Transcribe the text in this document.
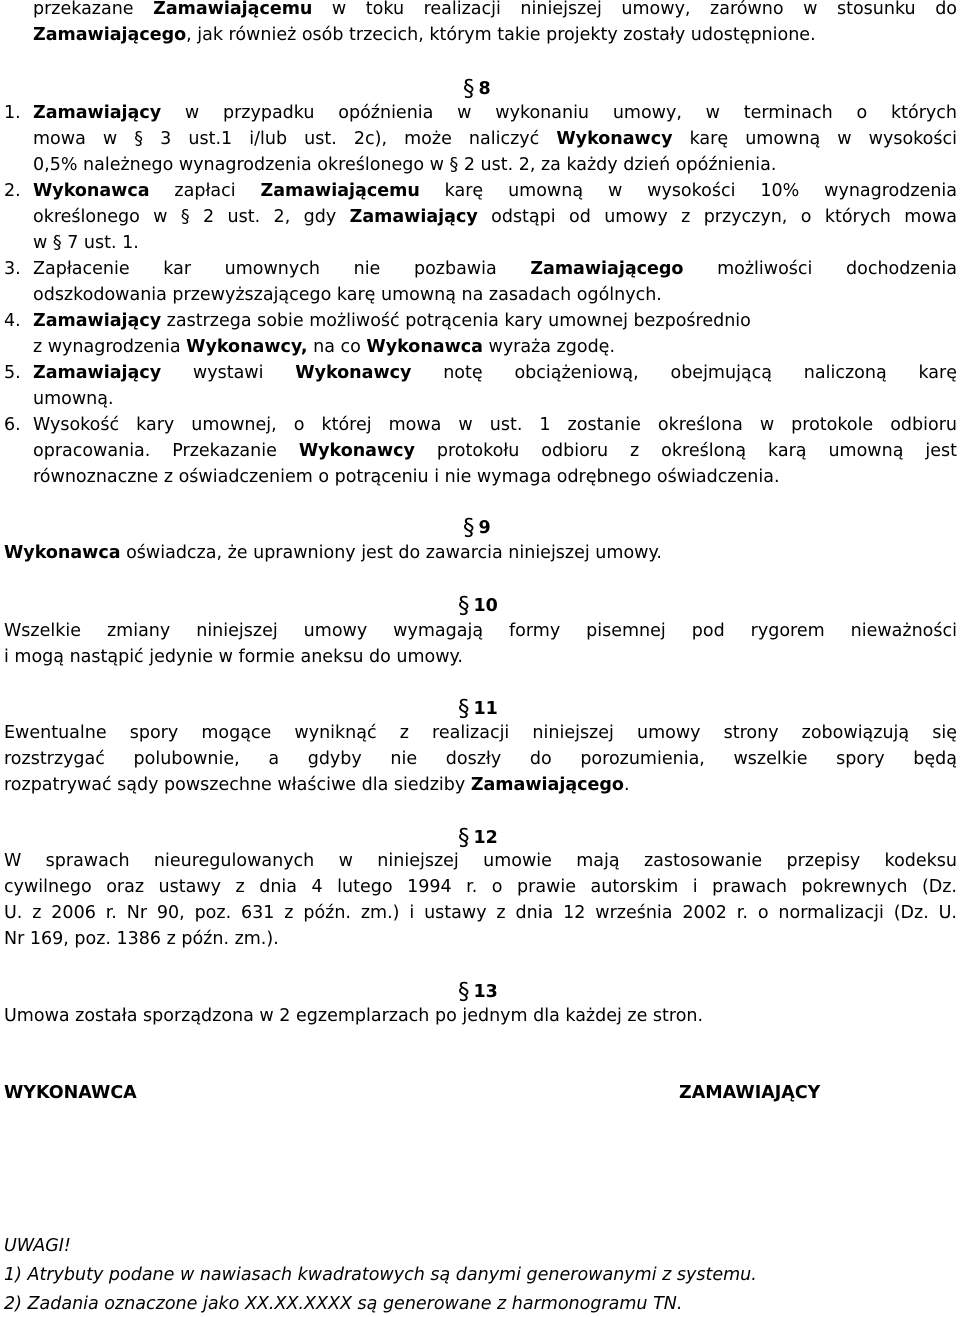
przekazane Zamawiającemu w toku realizacji niniejszej umowy, zarówno w stosunku do
Zamawiającego, jak również osób trzecich, którym takie projekty zostały udostępnione.
§ 8
1. Zamawiający w przypadku opóźnienia w wykonaniu umowy, w terminach o których
mowa w § 3 ust.1 i/lub ust. 2c), może naliczyć Wykonawcy karę umowną w wysokości
0,5% należnego wynagrodzenia określonego w § 2 ust. 2, za każdy dzień opóźnienia.
2. Wykonawca zapłaci Zamawiającemu karę umowną w wysokości 10% wynagrodzenia
określonego w § 2 ust. 2, gdy Zamawiający odstąpi od umowy z przyczyn, o których mowa
w § 7 ust. 1.
3. Zapłacenie kar umownych nie pozbawia Zamawiającego możliwości dochodzenia
odszkodowania przewyższającego karę umowną na zasadach ogólnych.
4. Zamawiający zastrzega sobie możliwość potrącenia kary umownej bezpośrednio
z wynagrodzenia Wykonawcy, na co Wykonawca wyraża zgodę.
5. Zamawiający wystawi Wykonawcy notę obciążeniową, obejmującą naliczoną karę
umowną.
6. Wysokość kary umownej, o której mowa w ust. 1 zostanie określona w protokole odbioru
opracowania. Przekazanie Wykonawcy protokołu odbioru z określoną karą umowną jest
równoznaczne z oświadczeniem o potrąceniu i nie wymaga odrębnego oświadczenia.
§ 9
Wykonawca oświadcza, że uprawniony jest do zawarcia niniejszej umowy.
§ 10
Wszelkie zmiany niniejszej umowy wymagają formy pisemnej pod rygorem nieważności
i mogą nastąpić jedynie w formie aneksu do umowy.
§ 11
Ewentualne spory mogące wyniknąć z realizacji niniejszej umowy strony zobowiązują się
rozstrzygać polubownie, a gdyby nie doszły do porozumienia, wszelkie spory będą
rozpatrywać sądy powszechne właściwe dla siedziby Zamawiającego.
§ 12
W sprawach nieuregulowanych w niniejszej umowie mają zastosowanie przepisy kodeksu
cywilnego oraz ustawy z dnia 4 lutego 1994 r. o prawie autorskim i prawach pokrewnych (Dz.
U. z 2006 r. Nr 90, poz. 631 z późn. zm.) i ustawy z dnia 12 września 2002 r. o normalizacji (Dz. U.
Nr 169, poz. 1386 z późn. zm.).
§ 13
Umowa została sporządzona w 2 egzemplarzach po jednym dla każdej ze stron.
WYKONAWCA	ZAMAWIAJĄCY
UWAGI!
1) Atrybuty podane w nawiasach kwadratowych są danymi generowanymi z systemu.
2) Zadania oznaczone jako XX.XX.XXXX są generowane z harmonogramu TN.
